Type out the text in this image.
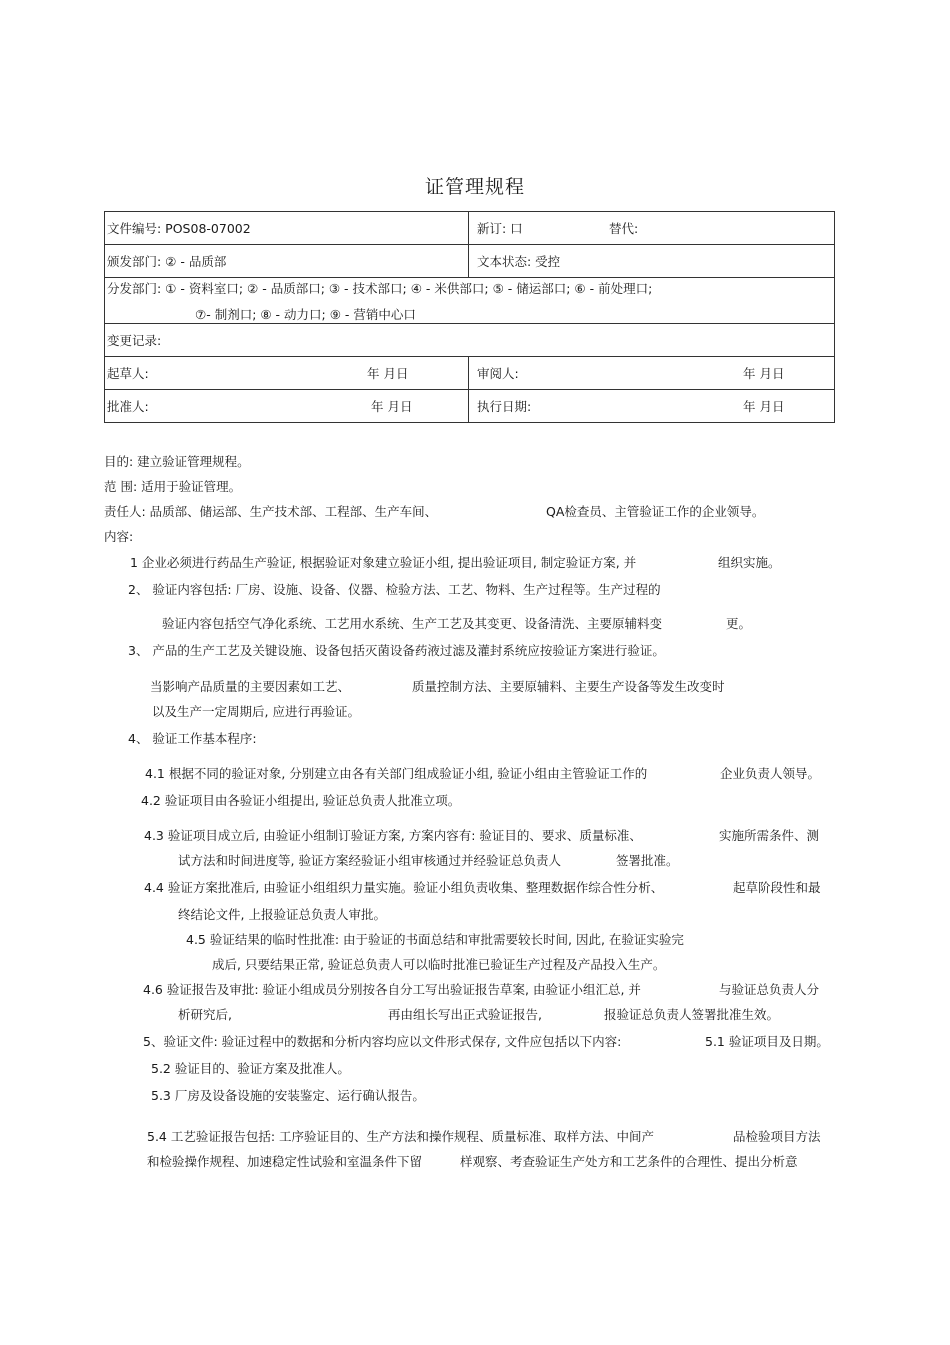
证管理规程
文件编号: POS08-07002	新订: 口 替代:

颁发部门: ② - 品质部	文本状态: 受控

分发部门: ① - 资料室口; ② - 品质部口; ③ - 技术部口; ④ - 米供部口; ⑤ - 储运部口; ⑥ - 前处理口;
⑦- 制剂口; ⑧ - 动力口; ⑨ - 营销中心口	

变更记录:	
起草人: 年 月日	审阅人: 年 月日

批准人: 年 月日	执行日期: 年 月日
目的: 建立验证管理规程。
范 围: 适用于验证管理。
责任人: 品质部、储运部、生产技术部、工程部、生产车间、	QA检查员、主管验证工作的企业领导。
内容:
1 企业必须进行药品生产验证, 根据验证对象建立验证小组, 提出验证项目, 制定验证方案, 并	组织实施。
2、 验证内容包括: 厂房、设施、设备、仪器、检验方法、工艺、物料、生产过程等。生产过程的
验证内容包括空气净化系统、工艺用水系统、生产工艺及其变更、设备清洗、主要原辅料变	更。
3、 产品的生产工艺及关键设施、设备包括灭菌设备药液过滤及灌封系统应按验证方案进行验证。
当影响产品质量的主要因素如工艺、	质量控制方法、主要原辅料、主要生产设备等发生改变时
以及生产一定周期后, 应进行再验证。
4、 验证工作基本程序:
4.1 根据不同的验证对象, 分别建立由各有关部门组成验证小组, 验证小组由主管验证工作的	企业负责人领导。
4.2 验证项目由各验证小组提出, 验证总负责人批准立项。
4.3 验证项目成立后, 由验证小组制订验证方案, 方案内容有: 验证目的、要求、质量标准、	实施所需条件、测
试方法和时间进度等, 验证方案经验证小组审核通过并经验证总负责人	签署批准。
4.4 验证方案批准后, 由验证小组组织力量实施。验证小组负责收集、整理数据作综合性分析、	起草阶段性和最
终结论文件, 上报验证总负责人审批。
4.5 验证结果的临时性批准: 由于验证的书面总结和审批需要较长时间, 因此, 在验证实验完
成后, 只要结果正常, 验证总负责人可以临时批准已验证生产过程及产品投入生产。
4.6 验证报告及审批: 验证小组成员分别按各自分工写出验证报告草案, 由验证小组汇总, 并	与验证总负责人分
析研究后,	再由组长写出正式验证报告,	报验证总负责人签署批准生效。
5、验证文件: 验证过程中的数据和分析内容均应以文件形式保存, 文件应包括以下内容:	5.1 验证项目及日期。
5.2 验证目的、验证方案及批准人。
5.3 厂房及设备设施的安装鉴定、运行确认报告。
5.4 工艺验证报告包括: 工序验证目的、生产方法和操作规程、质量标准、取样方法、中间产	品检验项目方法
和检验操作规程、加速稳定性试验和室温条件下留	样观察、考查验证生产处方和工艺条件的合理性、提出分析意
